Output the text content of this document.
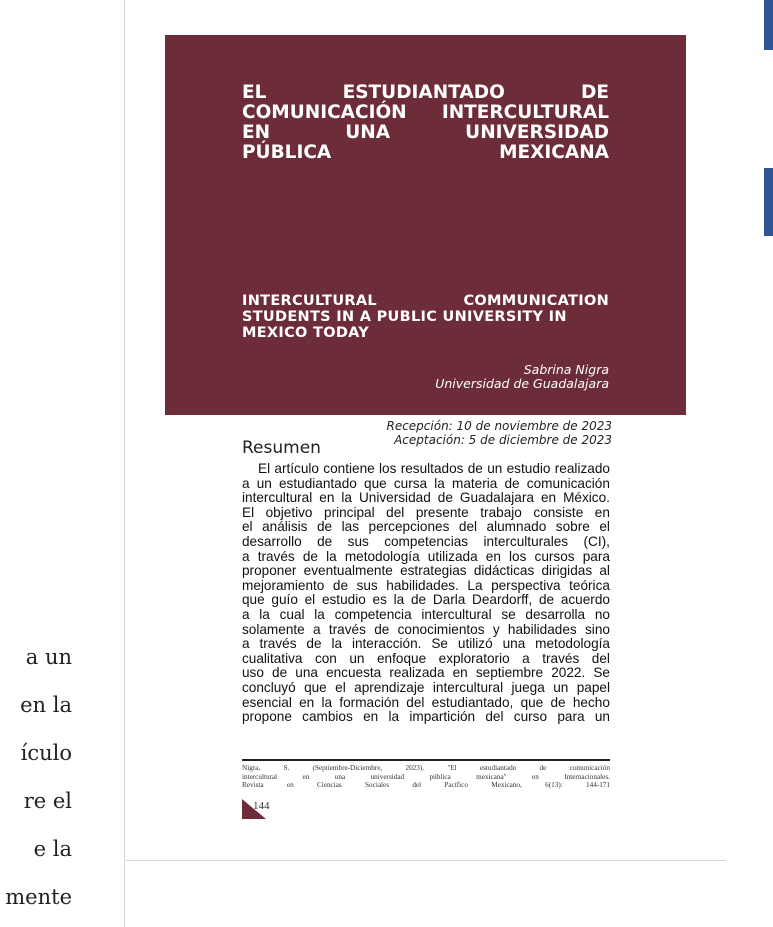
a un
en la
ículo
re el
e la
mente
EL	ESTUDIANTADO	DE
COMUNICACIÓN INTERCULTURAL
EN	UNA	UNIVERSIDAD
PÚBLICA	MEXICANA
INTERCULTURAL	COMMUNICATION
STUDENTS IN A PUBLIC UNIVERSITY IN
MEXICO TODAY
Sabrina Nigra
Universidad de Guadalajara
Recepción: 10 de noviembre de 2023
Aceptación: 5 de diciembre de 2023
Resumen
El artículo contiene los resultados de un estudio realizado
a un estudiantado que cursa la materia de comunicación
intercultural en la Universidad de Guadalajara en México.
El objetivo principal del presente trabajo consiste en
el análisis de las percepciones del alumnado sobre el
desarrollo de sus competencias interculturales (CI),
a través de la metodología utilizada en los cursos para
proponer eventualmente estrategias didácticas dirigidas al
mejoramiento de sus habilidades. La perspectiva teórica
que guío el estudio es la de Darla Deardorff, de acuerdo
a la cual la competencia intercultural se desarrolla no
solamente a través de conocimientos y habilidades sino
a través de la interacción. Se utilizó una metodología
cualitativa con un enfoque exploratorio a través del
uso de una encuesta realizada en septiembre 2022. Se
concluyó que el aprendizaje intercultural juega un papel
esencial en la formación del estudiantado, que de hecho
propone cambios en la impartición del curso para un
Nigra,	S.	(Septiembre-Diciembre,	2023).	"El	estudiantado	de	comunicación
intercultural	en	una	universidad	pública	mexicana"	en	Internacionales.
Revista	en	Ciencias	Sociales	del	Pacífico	Mexicano,	6(13):	144-171
144
